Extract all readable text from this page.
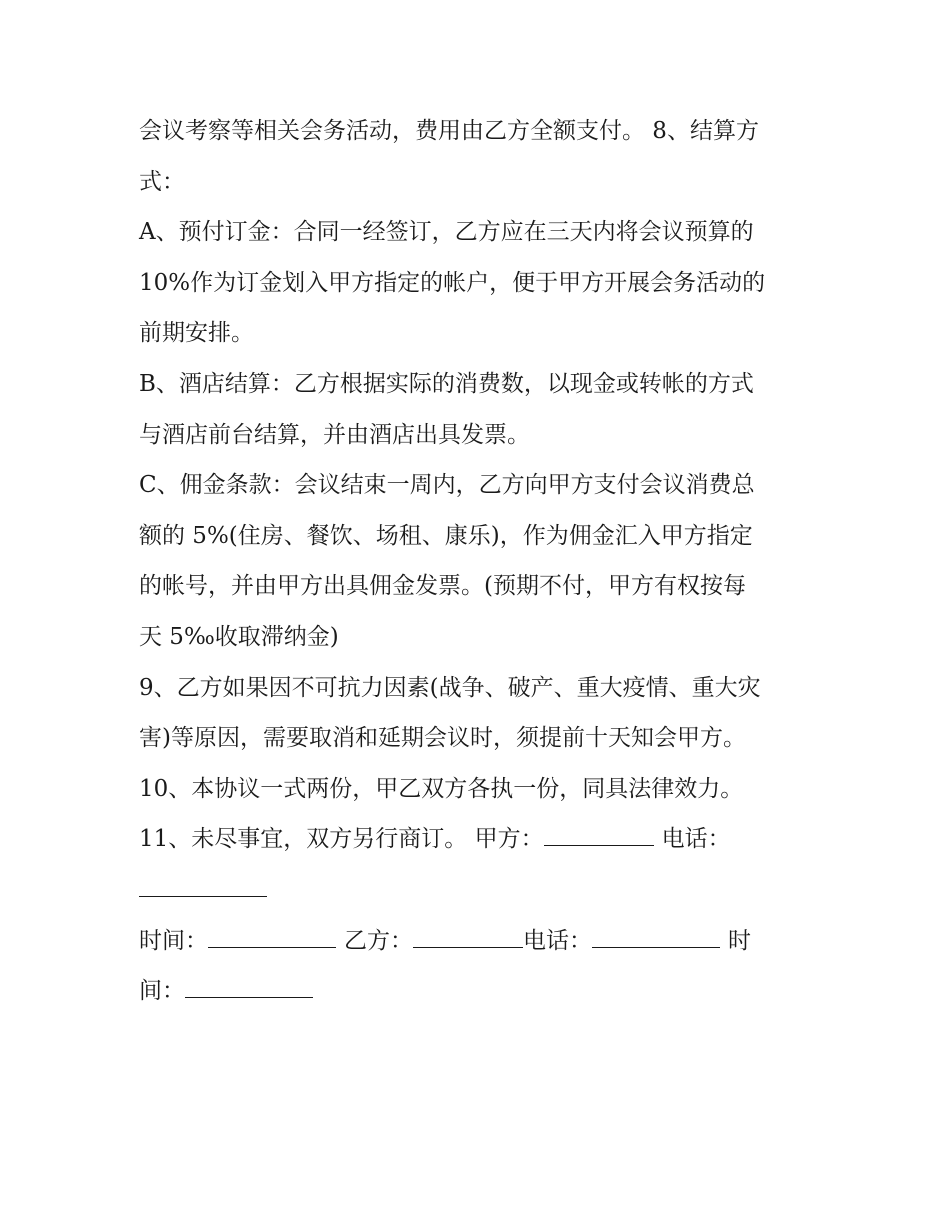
会议考察等相关会务活动，费用由乙方全额支付。 8、结算方
式：
A、预付订金：合同一经签订，乙方应在三天内将会议预算的
10%作为订金划入甲方指定的帐户，便于甲方开展会务活动的
前期安排。
B、酒店结算：乙方根据实际的消费数，以现金或转帐的方式
与酒店前台结算，并由酒店出具发票。
C、佣金条款：会议结束一周内，乙方向甲方支付会议消费总
额的 5%(住房、餐饮、场租、康乐)，作为佣金汇入甲方指定
的帐号，并由甲方出具佣金发票。(预期不付，甲方有权按每
天 5‰收取滞纳金)
9、乙方如果因不可抗力因素(战争、破产、重大疫情、重大灾
害)等原因，需要取消和延期会议时，须提前十天知会甲方。
10、本协议一式两份，甲乙双方各执一份，同具法律效力。
11、未尽事宜，双方另行商订。 甲方：	电话：
时间：	乙方：	电话：	时
间：
